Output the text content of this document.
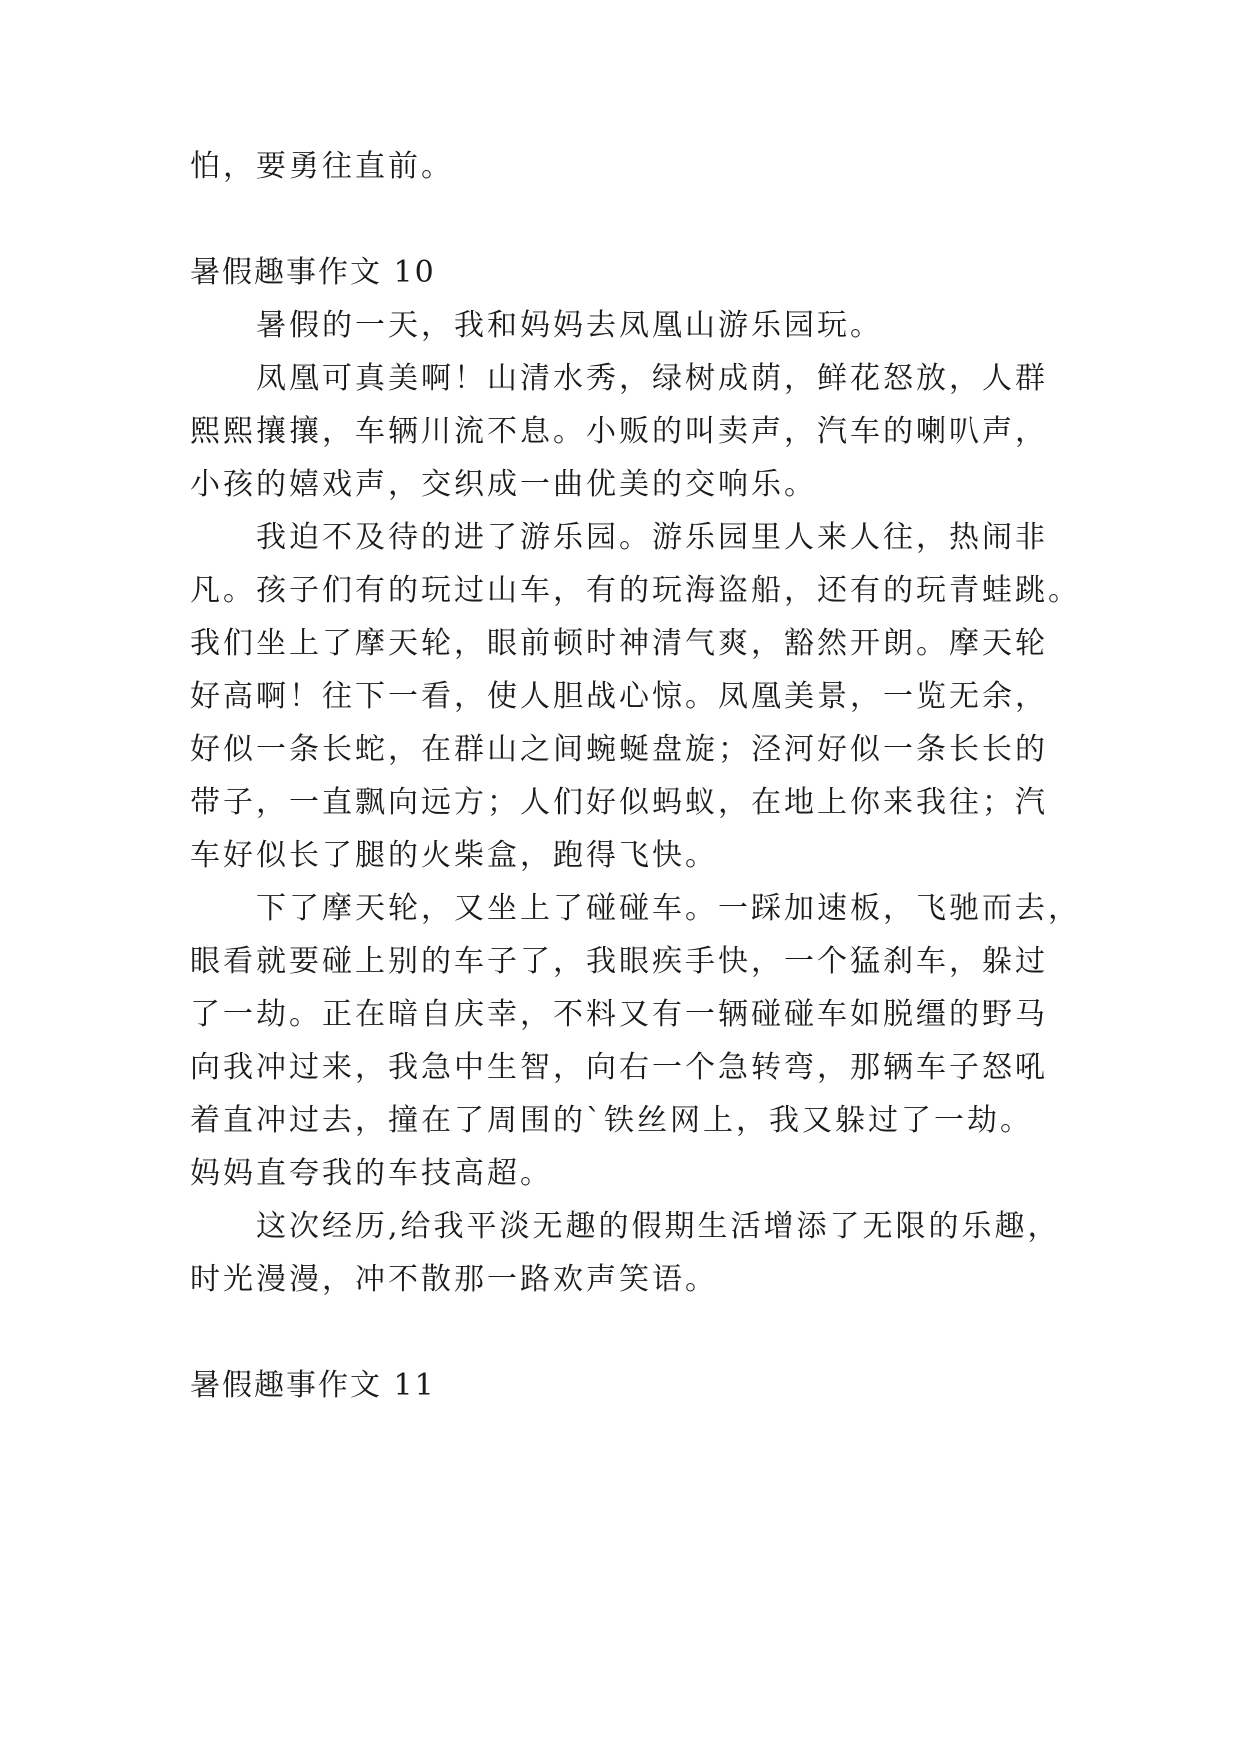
怕，要勇往直前。

暑假趣事作文 10

暑假的一天，我和妈妈去凤凰山游乐园玩。

凤凰可真美啊！山清水秀，绿树成荫，鲜花怒放，人群

熙熙攘攘，车辆川流不息。小贩的叫卖声，汽车的喇叭声，

小孩的嬉戏声，交织成一曲优美的交响乐。

我迫不及待的进了游乐园。游乐园里人来人往，热闹非

凡。孩子们有的玩过山车，有的玩海盗船，还有的玩青蛙跳。

我们坐上了摩天轮，眼前顿时神清气爽，豁然开朗。摩天轮

好高啊！往下一看，使人胆战心惊。凤凰美景，一览无余，

好似一条长蛇，在群山之间蜿蜒盘旋；泾河好似一条长长的

带子，一直飘向远方；人们好似蚂蚁，在地上你来我往；汽

车好似长了腿的火柴盒，跑得飞快。

下了摩天轮，又坐上了碰碰车。一踩加速板，飞驰而去，

眼看就要碰上别的车子了，我眼疾手快，一个猛刹车，躲过

了一劫。正在暗自庆幸，不料又有一辆碰碰车如脱缰的野马

向我冲过来，我急中生智，向右一个急转弯，那辆车子怒吼

着直冲过去，撞在了周围的`铁丝网上，我又躲过了一劫。

妈妈直夸我的车技高超。

这次经历,给我平淡无趣的假期生活增添了无限的乐趣，

时光漫漫，冲不散那一路欢声笑语。

暑假趣事作文 11
